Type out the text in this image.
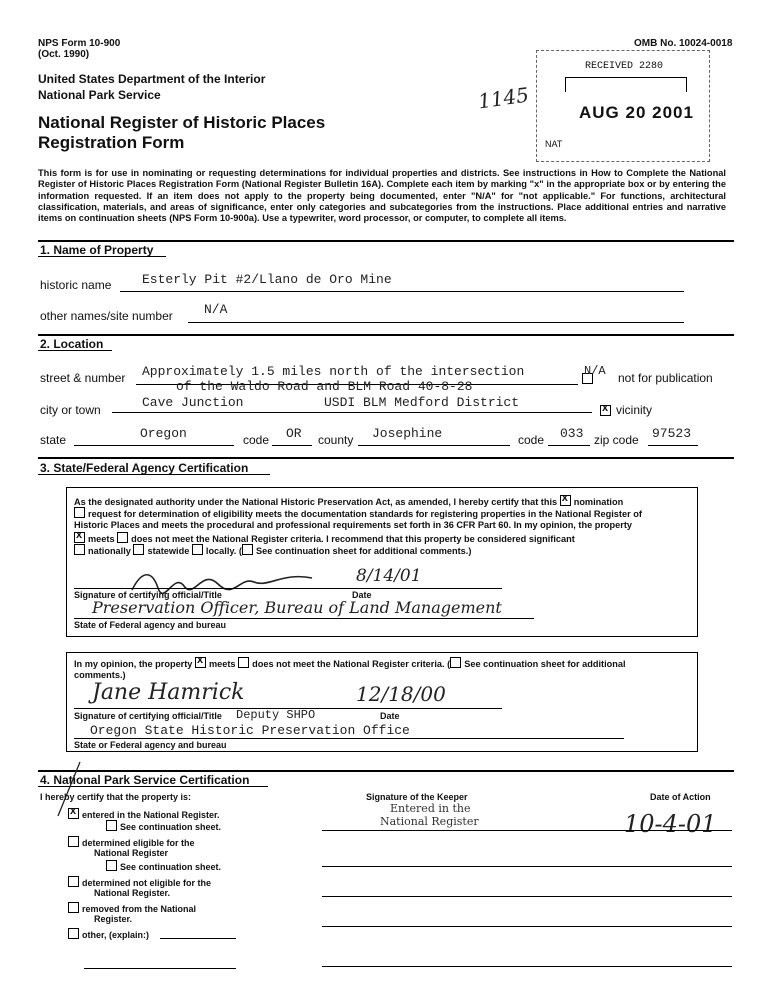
NPS Form 10-900
(Oct. 1990)
OMB No. 10024-0018
United States Department of the Interior
National Park Service
National Register of Historic Places
Registration Form
1145
RECEIVED 2280
AUG 20 2001
NAT
This form is for use in nominating or requesting determinations for individual properties and districts. See instructions in How to Complete the National Register of Historic Places Registration Form (National Register Bulletin 16A). Complete each item by marking "x" in the appropriate box or by entering the information requested. If an item does not apply to the property being documented, enter "N/A" for "not applicable." For functions, architectural classification, materials, and areas of significance, enter only categories and subcategories from the instructions. Place additional entries and narrative items on continuation sheets (NPS Form 10-900a). Use a typewriter, word processor, or computer, to complete all items.
1. Name of Property
historic name Esterly Pit #2/Llano de Oro Mine
other names/site number N/A
2. Location
street & number Approximately 1.5 miles north of the intersection
of the Waldo Road and BLM Road 40-8-28
N/A not for publication
city or town	Cave Junction	USDI BLM Medford District x	vicinity
state	Oregon	code OR county Josephine	code 033 zip code 97523
3. State/Federal Agency Certification
As the designated authority under the National Historic Preservation Act, as amended, I hereby certify that this x nomination
request for determination of eligibility meets the documentation standards for registering properties in the National Register of
Historic Places and meets the procedural and professional requirements set forth in 36 CFR Part 60. In my opinion, the property
xmeets does not meet the National Register criteria. I recommend that this property be considered significant
nationally statewide locally. ( See continuation sheet for additional comments.)
8/14/01
Signature of certifying official/Title	Date
Preservation Officer, Bureau of Land Management
State of Federal agency and bureau
In my opinion, the property x meets does not meet the National Register criteria. ( See continuation sheet for additional
comments.)
Jane Hamrick	12/18/00
Signature of certifying official/Title Deputy SHPO	Date
Oregon State Historic Preservation Office
State or Federal agency and bureau
4. National Park Service Certification
I hereby certify that the property is:	Signature of the Keeper	Date of Action
Entered in the
National Register	10-4-01
xentered in the National Register.
See continuation sheet.
determined eligible for the
National Register
See continuation sheet.
determined not eligible for the
National Register.
removed from the National
Register.
other, (explain:)
